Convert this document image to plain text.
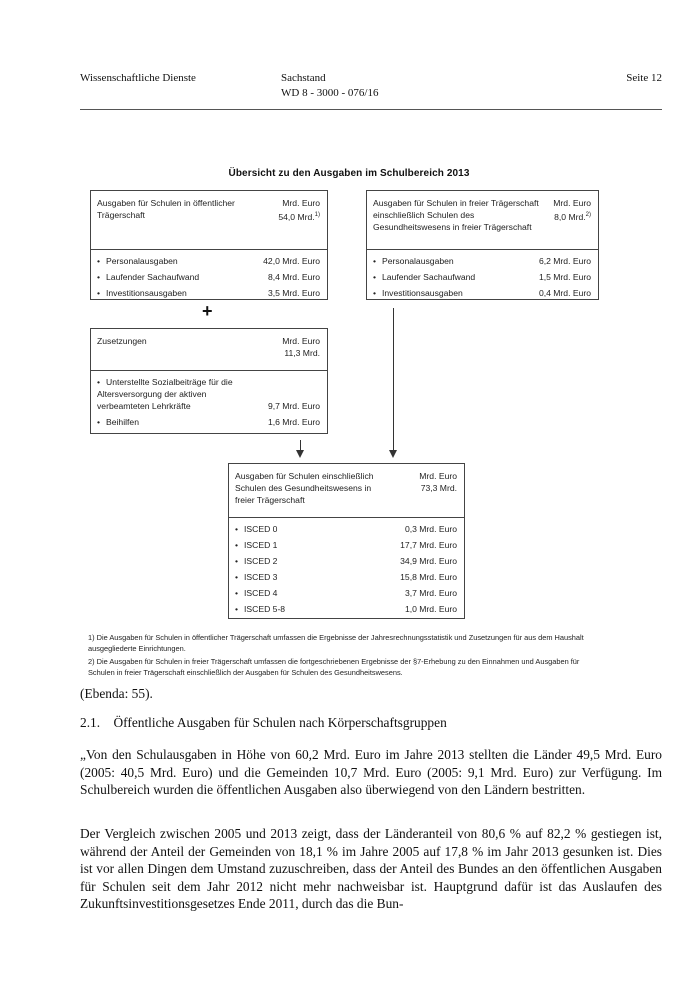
Wissenschaftliche Dienste	Sachstand
WD 8 - 3000 - 076/16
Seite 12
Übersicht zu den Ausgaben im Schulbereich 2013
Ausgaben für Schulen in öffentlicher Trägerschaft
Mrd. Euro
54,0 Mrd.$^{1)}$
• Personalausgaben	42,0 Mrd. Euro
• Laufender Sachaufwand	8,4 Mrd. Euro
• Investitionsausgaben	3,5 Mrd. Euro
Ausgaben für Schulen in freier Trägerschaft einschließlich Schulen des Gesundheitswesens in freier Trägerschaft
Mrd. Euro
8,0 Mrd.$^{2)}$
• Personalausgaben	6,2 Mrd. Euro
• Laufender Sachaufwand	1,5 Mrd. Euro
• Investitionsausgaben	0,4 Mrd. Euro
+
Zusetzungen	Mrd. Euro
11,3 Mrd.
• Unterstellte Sozialbeiträge für die Altersversorgung der aktiven verbeamteten Lehrkräfte	9,7 Mrd. Euro
• Beihilfen	1,6 Mrd. Euro
Ausgaben für Schulen einschließlich Schulen des Gesundheitswesens in freier Trägerschaft
Mrd. Euro
73,3 Mrd.
• ISCED 0	0,3 Mrd. Euro
• ISCED 1	17,7 Mrd. Euro
• ISCED 2	34,9 Mrd. Euro
• ISCED 3	15,8 Mrd. Euro
• ISCED 4	3,7 Mrd. Euro
• ISCED 5-8	1,0 Mrd. Euro
1) Die Ausgaben für Schulen in öffentlicher Trägerschaft umfassen die Ergebnisse der Jahresrechnungsstatistik und Zusetzungen für aus dem Haushalt ausgegliederte Einrichtungen.
2) Die Ausgaben für Schulen in freier Trägerschaft umfassen die fortgeschriebenen Ergebnisse der §7-Erhebung zu den Einnahmen und Ausgaben für Schulen in freier Trägerschaft einschließlich der Ausgaben für Schulen des Gesundheitswesens.
(Ebenda: 55).
2.1. Öffentliche Ausgaben für Schulen nach Körperschaftsgruppen
„Von den Schulausgaben in Höhe von 60,2 Mrd. Euro im Jahre 2013 stellten die Länder 49,5 Mrd. Euro (2005: 40,5 Mrd. Euro) und die Gemeinden 10,7 Mrd. Euro (2005: 9,1 Mrd. Euro) zur Verfügung. Im Schulbereich wurden die öffentlichen Ausgaben also überwiegend von den Ländern bestritten.
Der Vergleich zwischen 2005 und 2013 zeigt, dass der Länderanteil von 80,6 % auf 82,2 % gestiegen ist, während der Anteil der Gemeinden von 18,1 % im Jahre 2005 auf 17,8 % im Jahr 2013 gesunken ist. Dies ist vor allen Dingen dem Umstand zuzuschreiben, dass der Anteil des Bundes an den öffentlichen Ausgaben für Schulen seit dem Jahr 2012 nicht mehr nachweisbar ist. Hauptgrund dafür ist das Auslaufen des Zukunftsinvestitionsgesetzes Ende 2011, durch das die Bun-
